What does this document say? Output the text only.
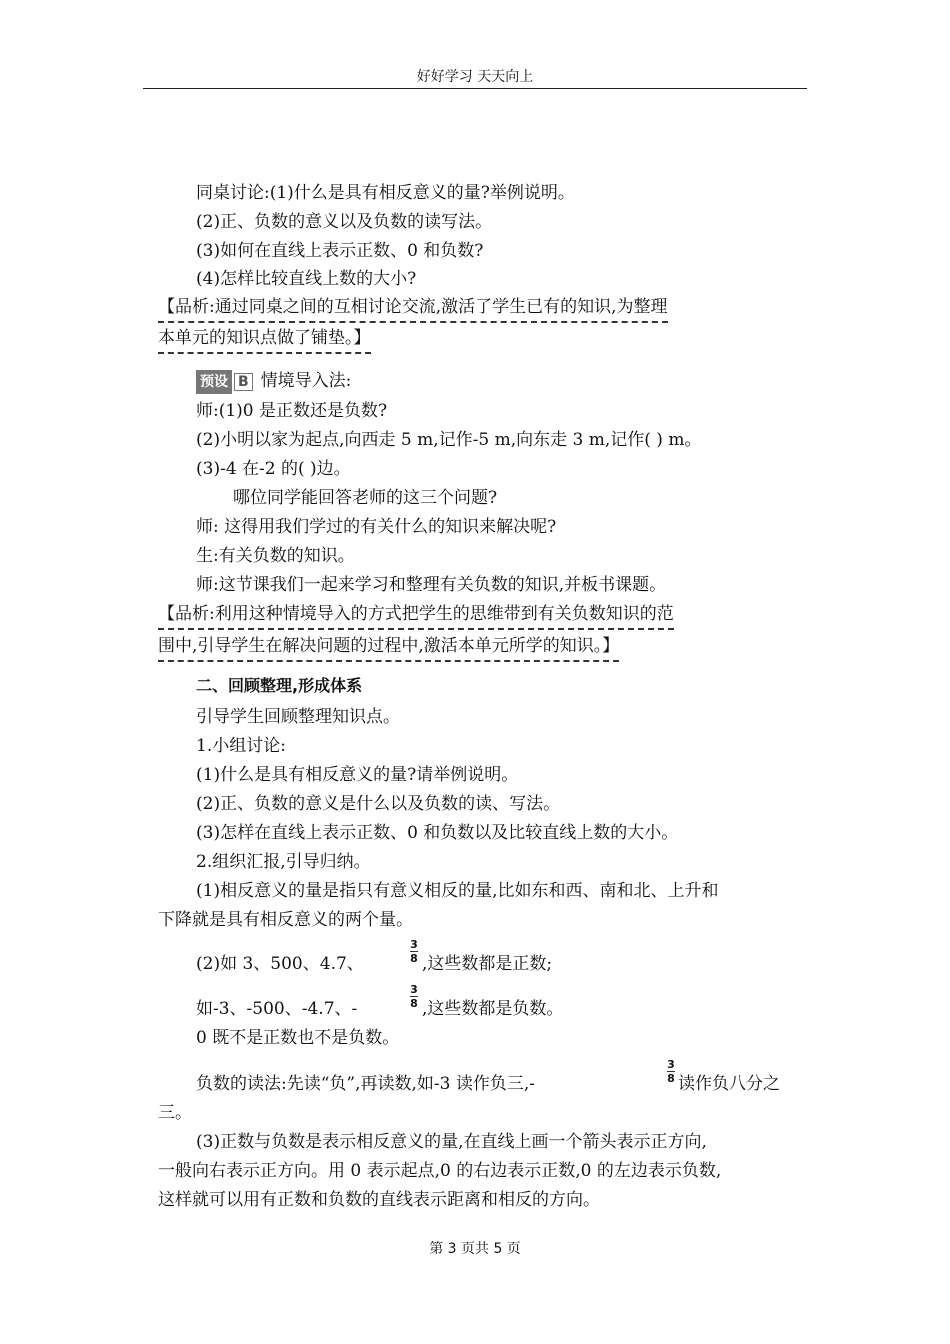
好好学习 天天向上
同桌讨论:(1)什么是具有相反意义的量?举例说明。
(2)正、负数的意义以及负数的读写法。
(3)如何在直线上表示正数、0 和负数?
(4)怎样比较直线上数的大小?
【品析:通过同桌之间的互相讨论交流,激活了学生已有的知识,为整理
本单元的知识点做了铺垫。】
预设 B 情境导入法:
师:(1)0 是正数还是负数?
(2)小明以家为起点,向西走 5 m,记作-5 m,向东走 3 m,记作( ) m。
(3)-4 在-2 的( )边。
哪位同学能回答老师的这三个问题?
师: 这得用我们学过的有关什么的知识来解决呢?
生:有关负数的知识。
师:这节课我们一起来学习和整理有关负数的知识,并板书课题。
【品析:利用这种情境导入的方式把学生的思维带到有关负数知识的范
围中,引导学生在解决问题的过程中,激活本单元所学的知识。】
二、回顾整理,形成体系
引导学生回顾整理知识点。
1.小组讨论:
(1)什么是具有相反意义的量?请举例说明。
(2)正、负数的意义是什么以及负数的读、写法。
(3)怎样在直线上表示正数、0 和负数以及比较直线上数的大小。
2.组织汇报,引导归纳。
(1)相反意义的量是指只有意义相反的量,比如东和西、南和北、上升和
下降就是具有相反意义的两个量。
(2)如 3、500、4.7、
3
8 ,这些数都是正数;
如-3、-500、-4.7、-
3
8 ,这些数都是负数。
0 既不是正数也不是负数。
负数的读法:先读“负”,再读数,如-3 读作负三,-
3
8 读作负八分之
三。
(3)正数与负数是表示相反意义的量,在直线上画一个箭头表示正方向,
一般向右表示正方向。用 0 表示起点,0 的右边表示正数,0 的左边表示负数,
这样就可以用有正数和负数的直线表示距离和相反的方向。
第 3 页共 5 页
